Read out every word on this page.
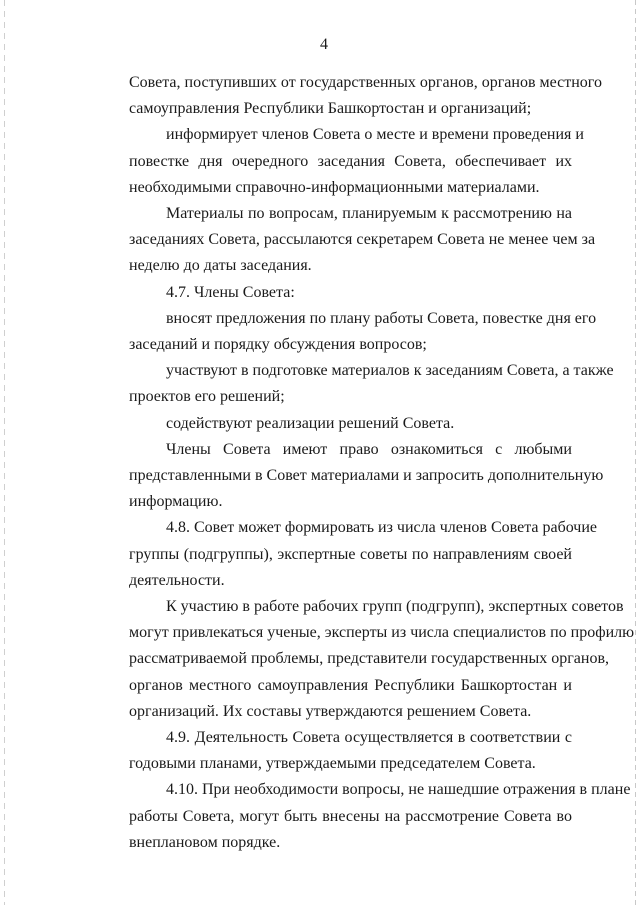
4
Совета, поступивших от государственных органов, органов местного
самоуправления Республики Башкортостан и организаций;
информирует членов Совета о месте и времени проведения и
повестке дня очередного заседания Совета, обеспечивает их
необходимыми справочно-информационными материалами.
Материалы по вопросам, планируемым к рассмотрению на
заседаниях Совета, рассылаются секретарем Совета не менее чем за
неделю до даты заседания.
4.7. Члены Совета:
вносят предложения по плану работы Совета, повестке дня его
заседаний и порядку обсуждения вопросов;
участвуют в подготовке материалов к заседаниям Совета, а также
проектов его решений;
содействуют реализации решений Совета.
Члены Совета имеют право ознакомиться с любыми
представленными в Совет материалами и запросить дополнительную
информацию.
4.8. Совет может формировать из числа членов Совета рабочие
группы (подгруппы), экспертные советы по направлениям своей
деятельности.
К участию в работе рабочих групп (подгрупп), экспертных советов
могут привлекаться ученые, эксперты из числа специалистов по профилю
рассматриваемой проблемы, представители государственных органов,
органов местного самоуправления Республики Башкортостан и
организаций. Их составы утверждаются решением Совета.
4.9. Деятельность Совета осуществляется в соответствии с
годовыми планами, утверждаемыми председателем Совета.
4.10. При необходимости вопросы, не нашедшие отражения в плане
работы Совета, могут быть внесены на рассмотрение Совета во
внеплановом порядке.
